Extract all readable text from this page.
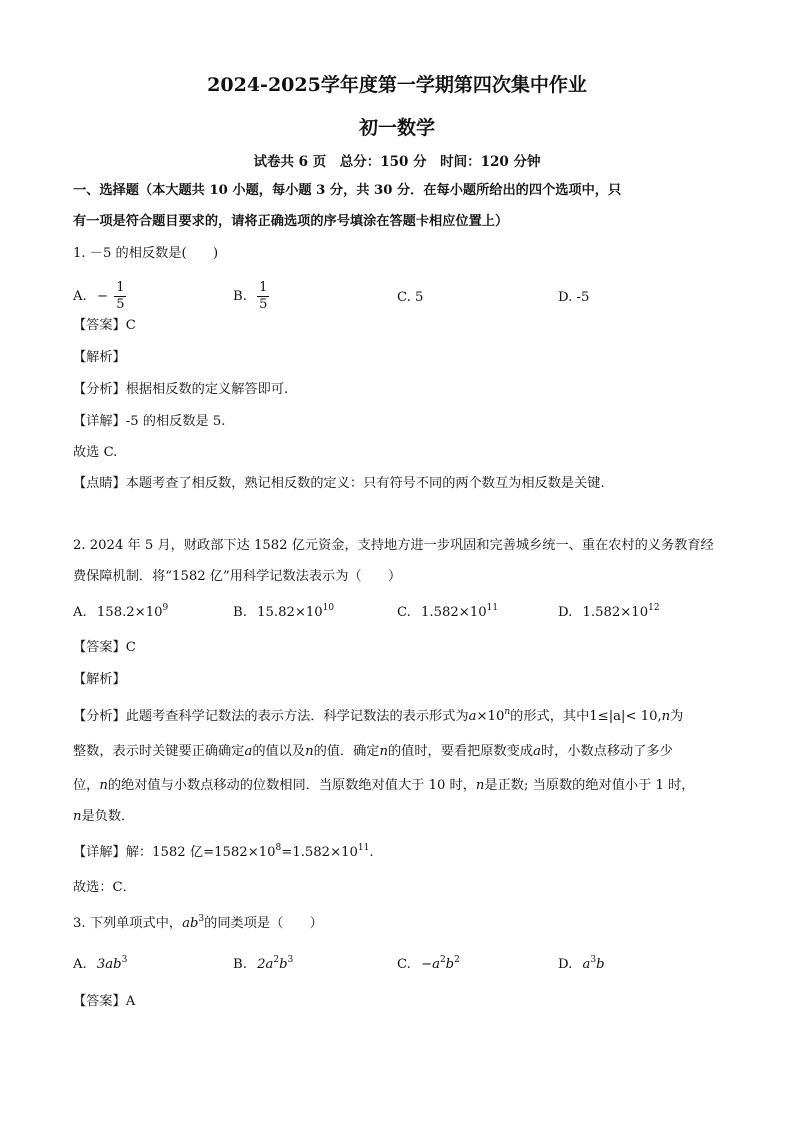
2024-2025学年度第一学期第四次集中作业
初一数学
试卷共 6 页　总分：150 分　时间：120 分钟
一、选择题（本大题共 10 小题，每小题 3 分，共 30 分．在每小题所给出的四个选项中，只
有一项是符合题目要求的，请将正确选项的序号填涂在答题卡相应位置上）
1. －5 的相反数是(　　)
A. − $\frac{1}{5}$	B. $\frac{1}{5}$	C. 5	D. -5
【答案】C
【解析】
【分析】根据相反数的定义解答即可.
【详解】-5 的相反数是 5.
故选 C.
【点睛】本题考查了相反数，熟记相反数的定义：只有符号不同的两个数互为相反数是关键.
2. 2024 年 5 月，财政部下达 1582 亿元资金，支持地方进一步巩固和完善城乡统一、重在农村的义务教育经
费保障机制．将“1582 亿”用科学记数法表示为（　　）
A. $158.2\times 10^9$	B. $15.82\times 10^{10}$	C. $1.582\times 10^{11}$	D. $1.582\times 10^{12}$
【答案】C
【解析】
【分析】此题考查科学记数法的表示方法．科学记数法的表示形式为$a\times 10^n$的形式，其中1≤|a|< 10,n为
整数，表示时关键要正确确定a的值以及n的值．确定n的值时，要看把原数变成a时，小数点移动了多少
位，n的绝对值与小数点移动的位数相同．当原数绝对值大于 10 时，n是正数; 当原数的绝对值小于 1 时，
n是负数．
【详解】解：1582 亿$=1582\times 10^8=1.582\times 10^{11}$.
故选：C．
3. 下列单项式中，$ab^3$的同类项是（　　）
A. $3ab^3$	B. $2a^2b^3$	C. $-a^2b^2$	D. $a^3b$
【答案】A
